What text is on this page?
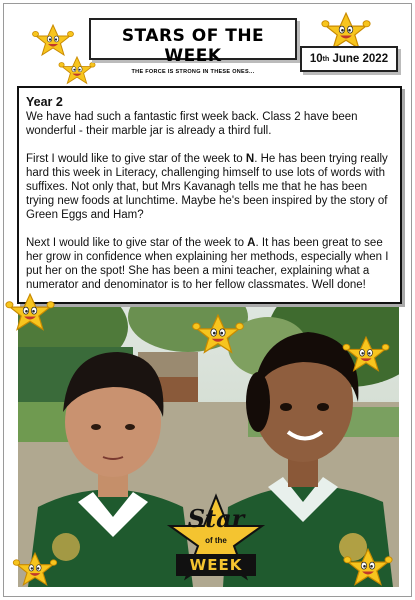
STARS OF THE WEEK
THE FORCE IS STRONG IN THESE ONES...
10 th June 2022
Year 2

We have had such a fantastic first week back. Class 2 have been wonderful - their marble jar is already a third full.

First I would like to give star of the week to N. He has been trying really hard this week in Literacy, challenging himself to use lots of words with suffixes. Not only that, but Mrs Kavanagh tells me that he has been trying new foods at lunchtime. Maybe he's been inspired by the story of Green Eggs and Ham?

Next I would like to give star of the week to A. It has been great to see her grow in confidence when explaining her methods, especially when I put her on the spot! She has been a mini teacher, explaining what a numerator and denominator is to her fellow classmates. Well done!

Star
of the
WEEK
